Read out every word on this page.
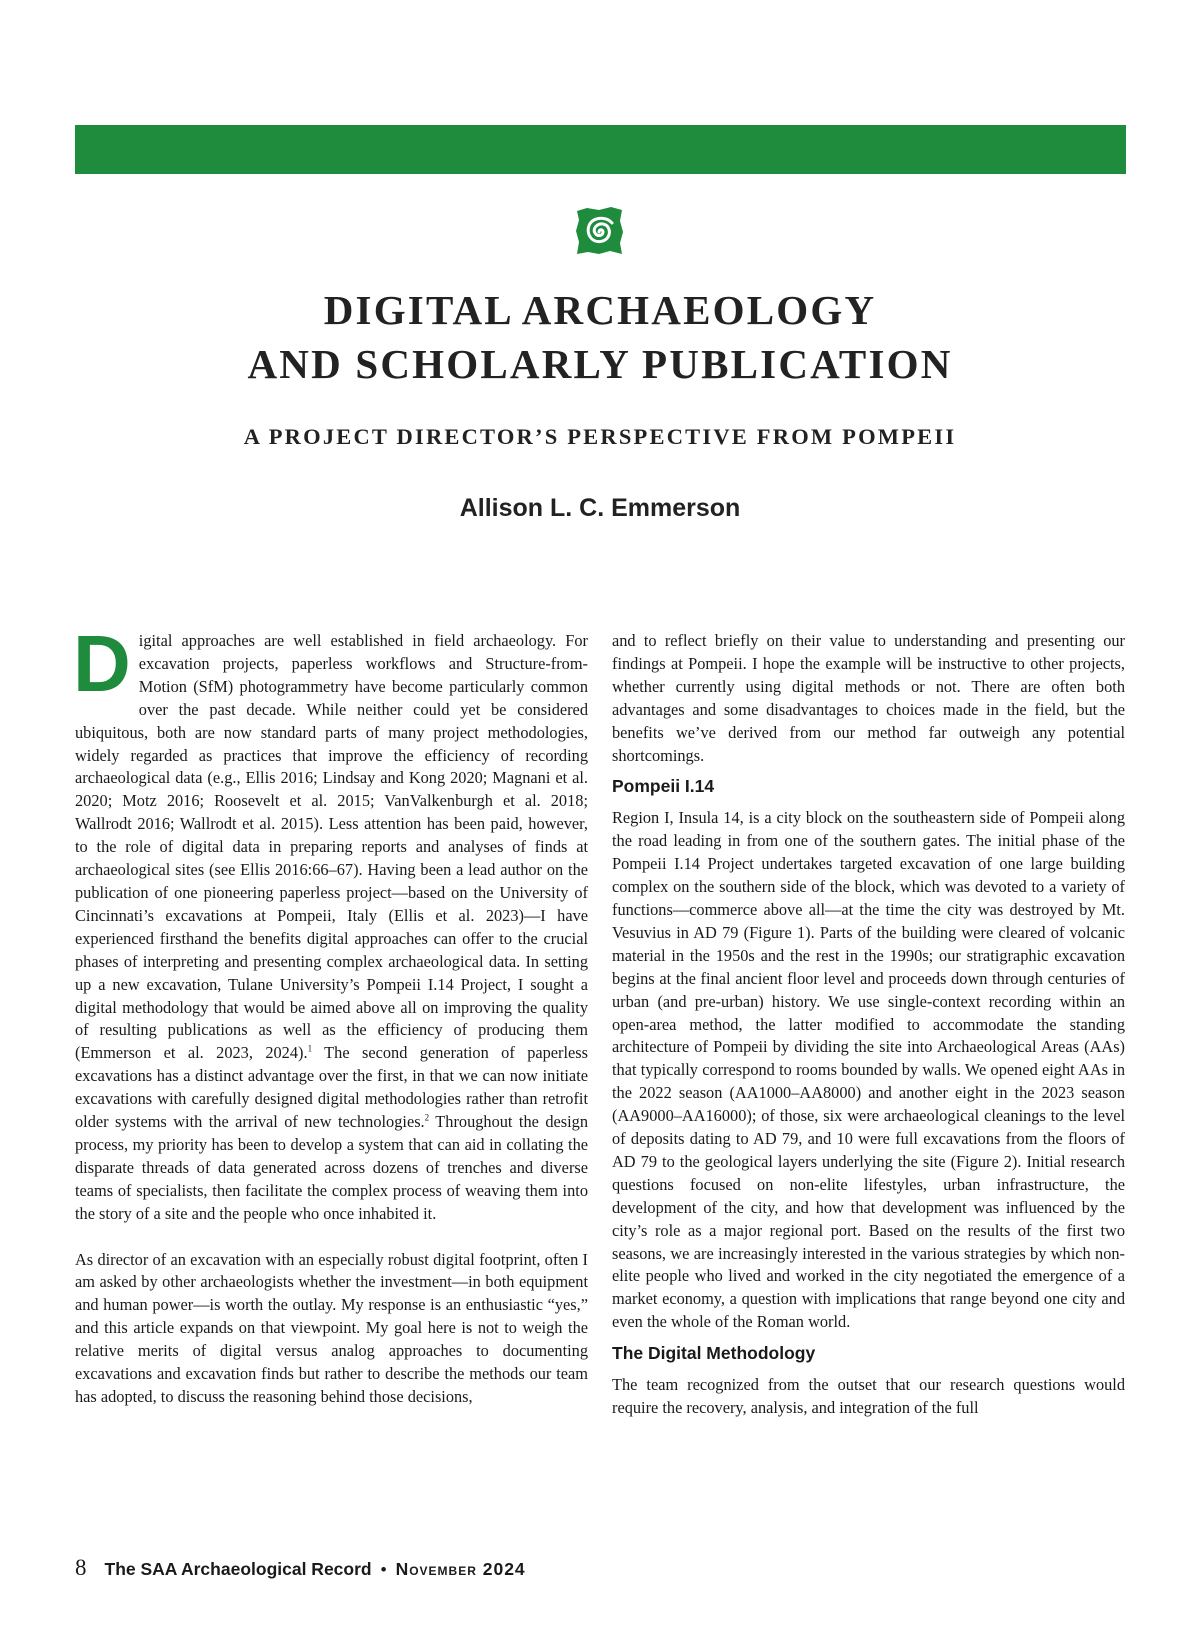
DIGITAL ARCHAEOLOGY
AND SCHOLARLY PUBLICATION
A PROJECT DIRECTOR’S PERSPECTIVE FROM POMPEII
Allison L. C. Emmerson

Digital approaches are well established in field archaeology. For excavation projects, paperless workflows and Structure-from-Motion (SfM) photogrammetry have become particularly common over the past decade. While neither could yet be considered ubiquitous, both are now standard parts of many project methodologies, widely regarded as practices that improve the efficiency of recording archaeological data (e.g., Ellis 2016; Lindsay and Kong 2020; Magnani et al. 2020; Motz 2016; Roosevelt et al. 2015; VanValkenburgh et al. 2018; Wallrodt 2016; Wallrodt et al. 2015). Less attention has been paid, however, to the role of digital data in preparing reports and analyses of finds at archaeological sites (see Ellis 2016:66–67). Having been a lead author on the publication of one pioneering paperless project—based on the University of Cincinnati’s excavations at Pompeii, Italy (Ellis et al. 2023)—I have experienced firsthand the benefits digital approaches can offer to the crucial phases of interpreting and presenting complex archaeological data. In setting up a new excavation, Tulane University’s Pompeii I.14 Project, I sought a digital methodology that would be aimed above all on improving the quality of resulting publications as well as the efficiency of producing them (Emmerson et al. 2023, 2024).$^1$ The second generation of paperless excavations has a distinct advantage over the first, in that we can now initiate excavations with carefully designed digital methodologies rather than retrofit older systems with the arrival of new technologies.$^2$ Throughout the design process, my priority has been to develop a system that can aid in collating the disparate threads of data generated across dozens of trenches and diverse teams of specialists, then facilitate the complex process of weaving them into the story of a site and the people who once inhabited it.

As director of an excavation with an especially robust digital footprint, often I am asked by other archaeologists whether the investment—in both equipment and human power—is worth the outlay. My response is an enthusiastic “yes,” and this article expands on that viewpoint. My goal here is not to weigh the relative merits of digital versus analog approaches to documenting excavations and excavation finds but rather to describe the methods our team has adopted, to discuss the reasoning behind those decisions,

and to reflect briefly on their value to understanding and presenting our findings at Pompeii. I hope the example will be instructive to other projects, whether currently using digital methods or not. There are often both advantages and some disadvantages to choices made in the field, but the benefits we’ve derived from our method far outweigh any potential shortcomings.

Pompeii I.14

Region I, Insula 14, is a city block on the southeastern side of Pompeii along the road leading in from one of the southern gates. The initial phase of the Pompeii I.14 Project undertakes targeted excavation of one large building complex on the southern side of the block, which was devoted to a variety of functions—commerce above all—at the time the city was destroyed by Mt. Vesuvius in AD 79 (Figure 1). Parts of the building were cleared of volcanic material in the 1950s and the rest in the 1990s; our stratigraphic excavation begins at the final ancient floor level and proceeds down through centuries of urban (and pre-urban) history. We use single-context recording within an open-area method, the latter modified to accommodate the standing architecture of Pompeii by dividing the site into Archaeological Areas (AAs) that typically correspond to rooms bounded by walls. We opened eight AAs in the 2022 season (AA1000–AA8000) and another eight in the 2023 season (AA9000–AA16000); of those, six were archaeological cleanings to the level of deposits dating to AD 79, and 10 were full excavations from the floors of AD 79 to the geological layers underlying the site (Figure 2). Initial research questions focused on non-elite lifestyles, urban infrastructure, the development of the city, and how that development was influenced by the city’s role as a major regional port. Based on the results of the first two seasons, we are increasingly interested in the various strategies by which non-elite people who lived and worked in the city negotiated the emergence of a market economy, a question with implications that range beyond one city and even the whole of the Roman world.

The Digital Methodology

The team recognized from the outset that our research questions would require the recovery, analysis, and integration of the full

8 The SAA Archaeological Record • November 2024
